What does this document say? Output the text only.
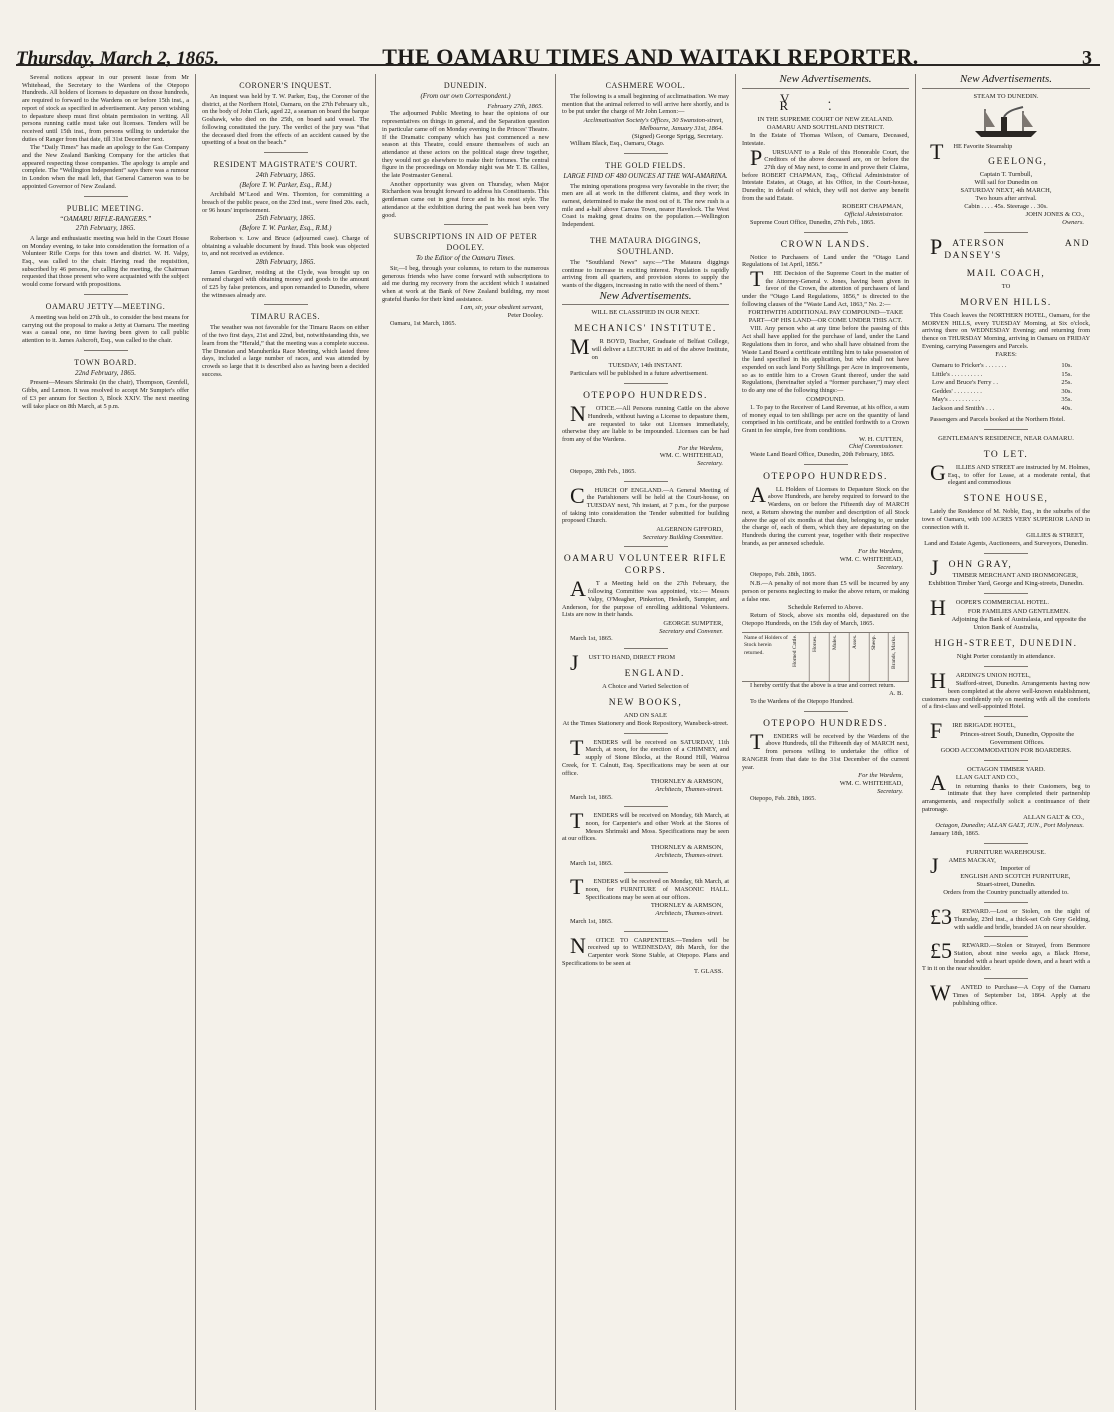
Thursday, March 2, 1865.	THE OAMARU TIMES AND WAITAKI REPORTER.	3

Several notices appear in our present issue from Mr Whitehead, the Secretary to the Wardens of the Otepopo Hundreds. All holders of licenses to depasture on those hundreds, are required to forward to the Wardens on or before 15th inst., a report of stock as specified in advertisement. Any person wishing to depasture sheep must first obtain permission in writing. All persons running cattle must take out licenses. Tenders will be received until 15th inst., from persons willing to undertake the duties of Ranger from that date, till 31st December next.

The “Daily Times” has made an apology to the Gas Company and the New Zealand Banking Company for the articles that appeared respecting those companies. The apology is ample and complete. The “Wellington Independent” says there was a rumour in London when the mail left, that General Cameron was to be appointed Governor of New Zealand.

PUBLIC MEETING.
“OAMARU RIFLE-RANGERS.”
27th February, 1865.

A large and enthusiastic meeting was held in the Court House on Monday evening, to take into consideration the formation of a Volunteer Rifle Corps for this town and district. W. H. Valpy, Esq., was called to the chair. Having read the requisition, subscribed by 46 persons, for calling the meeting, the Chairman requested that those present who were acquainted with the subject would come forward with propositions.

OAMARU JETTY—MEETING.

A meeting was held on 27th ult., to consider the best means for carrying out the proposal to make a Jetty at Oamaru. The meeting was a casual one, no time having been given to call public attention to it. James Ashcroft, Esq., was called to the chair.

TOWN BOARD.
22nd February, 1865.

Present—Messrs Shrimski (in the chair), Thompson, Grenfell, Gibbs, and Lemon. It was resolved to accept Mr Sumpter's offer of £3 per annum for Section 3, Block XXIV. The next meeting will take place on 8th March, at 5 p.m.

CORONER'S INQUEST.

An inquest was held by T. W. Parker, Esq., the Coroner of the district, at the Northern Hotel, Oamaru, on the 27th February ult., on the body of John Clark, aged 22, a seaman on board the barque Goshawk, who died on the 25th, on board said vessel. The following constituted the jury. The verdict of the jury was “that the deceased died from the effects of an accident caused by the upsetting of a boat on the beach.”

RESIDENT MAGISTRATE'S COURT.
24th February, 1865.
(Before T. W. Parker, Esq., R.M.)

Archibald M‘Leod and Wm. Thornton, for committing a breach of the public peace, on the 23rd inst., were fined 20s. each, or 96 hours' imprisonment.

25th February, 1865.
(Before T. W. Parker, Esq., R.M.)

Robertson v. Low and Bruce (adjourned case). Charge of obtaining a valuable document by fraud. This book was objected to, and not received as evidence.

28th February, 1865.

James Gardiner, residing at the Clyde, was brought up on remand charged with obtaining money and goods to the amount of £25 by false pretences, and upon remanded to Dunedin, where the witnesses already are.

TIMARU RACES.

The weather was not favorable for the Timaru Races on either of the two first days, 21st and 22nd, but, notwithstanding this, we learn from the “Herald,” that the meeting was a complete success. The Dunstan and Manuherikia Race Meeting, which lasted three days, included a large number of races, and was attended by crowds so large that it is described also as having been a decided success.

DUNEDIN.
(From our own Correspondent.)
February 27th, 1865.

The adjourned Public Meeting to hear the opinions of our representatives on things in general, and the Separation question in particular came off on Monday evening in the Princes' Theatre. If the Dramatic company which has just commenced a new season at this Theatre, could ensure themselves of such an attendance at these actors on the political stage drew together, they would not go elsewhere to make their fortunes. The central figure in the proceedings on Monday night was Mr T. B. Gillies, the late Postmaster General.

Another opportunity was given on Thursday, when Major Richardson was brought forward to address his Constituents. This gentleman came out in great force and in his most style. The attendance at the exhibition during the past week has been very good.

SUBSCRIPTIONS IN AID OF PETER DOOLEY.
To the Editor of the Oamaru Times.

Sir,—I beg, through your columns, to return to the numerous generous friends who have come forward with subscriptions to aid me during my recovery from the accident which I sustained when at work at the Bank of New Zealand building, my most grateful thanks for their kind assistance.

I am, sir, your obedient servant,
Peter Dooley.
Oamaru, 1st March, 1865.
CASHMERE WOOL.

The following is a small beginning of acclimatisation. We may mention that the animal referred to will arrive here shortly, and is to be put under the charge of Mr John Lemon:—

Acclimatisation Society's Offices, 30 Swanston-street, Melbourne, January 31st, 1864.
(Signed) George Sprigg, Secretary.
William Black, Esq., Oamaru, Otago.
THE GOLD FIELDS.
LARGE FIND OF 480 OUNCES AT THE WAI-AMARINA.

The mining operations progress very favorable in the river; the men are all at work in the different claims, and they work in earnest, determined to make the most out of it. The new rush is a mile and a-half above Canvas Town, nearer Havelock. The West Coast is making great drains on the population.—Wellington Independent.

THE MATAURA DIGGINGS, SOUTHLAND.

The “Southland News” says:—“The Mataura diggings continue to increase in exciting interest. Population is rapidly arriving from all quarters, and provision stores to supply the wants of the diggers, increasing in ratio with the need of them.”

New Advertisements.
WILL BE CLASSIFIED IN OUR NEXT.
MECHANICS' INSTITUTE.

M R BOYD, Teacher, Graduate of Belfast College, will deliver a LECTURE in aid of the above Institute, on

TUESDAY, 14th INSTANT.
Particulars will be published in a future advertisement.
OTEPOPO HUNDREDS.

N OTICE.—All Persons running Cattle on the above Hundreds, without having a License to depasture them, are requested to take out Licenses immediately, otherwise they are liable to be impounded. Licenses can be had from any of the Wardens.

For the Wardens,
WM. C. WHITEHEAD,
Secretary.
Otepopo, 28th Feb., 1865.

C HURCH OF ENGLAND.—A General Meeting of the Parishioners will be held at the Court-house, on TUESDAY next, 7th instant, at 7 p.m., for the purpose of taking into consideration the Tender submitted for building proposed Church.

ALGERNON GIFFORD,
Secretary Building Committee.
OAMARU VOLUNTEER RIFLE CORPS.

A T a Meeting held on the 27th February, the following Committee was appointed, viz.:— Messrs Valpy, O'Meagher, Pinkerton, Hesketh, Sumpter, and Anderson, for the purpose of enrolling additional Volunteers. Lists are now in their hands.

GEORGE SUMPTER,
Secretary and Convener.
March 1st, 1865.

J UST TO HAND, DIRECT FROM

ENGLAND.
A Choice and Varied Selection of
NEW BOOKS,
AND ON SALE
At the Times Stationery and Book Repository, Wansbeck-street.

T ENDERS will be received on SATURDAY, 11th March, at noon, for the erection of a CHIMNEY, and supply of Stone Blocks, at the Round Hill, Wairoa Creek, for T. Calnutt, Esq. Specifications may be seen at our office.

THORNLEY & ARMSON,
Architects, Thames-street.
March 1st, 1865.

T ENDERS will be received on Monday, 6th March, at noon, for Carpenter's and other Work at the Stores of Messrs Shrimski and Moss. Specifications may be seen at our offices.

THORNLEY & ARMSON,
Architects, Thames-street.
March 1st, 1865.

T ENDERS will be received on Monday, 6th March, at noon, for FURNITURE of MASONIC HALL. Specifications may be seen at our offices.

THORNLEY & ARMSON,
Architects, Thames-street.
March 1st, 1865.

N OTICE TO CARPENTERS.—Tenders will be received up to WEDNESDAY, 8th March, for the Carpenter work Stone Stable, at Otepopo. Plans and Specifications to be seen at

T. GLASS.
New Advertisements.
V. R.
IN THE SUPREME COURT OF NEW ZEALAND.
OAMARU AND SOUTHLAND DISTRICT.

In the Estate of Thomas Wilson, of Oamaru, Deceased, Intestate.

P URSUANT to a Rule of this Honorable Court, the Creditors of the above deceased are, on or before the 27th day of May next, to come in and prove their Claims, before ROBERT CHAPMAN, Esq., Official Administrator of Intestate Estates, at Otago, at his Office, in the Court-house, Dunedin; in default of which, they will not derive any benefit from the said Estate.

ROBERT CHAPMAN,
Official Administrator.
Supreme Court Office, Dunedin, 27th Feb., 1865.
CROWN LANDS.

Notice to Purchasers of Land under the “Otago Land Regulations of 1st April, 1856.”

T HE Decision of the Supreme Court in the matter of the Attorney-General v. Jones, having been given in favor of the Crown, the attention of purchasers of land under the “Otago Land Regulations, 1856,” is directed to the following clauses of the “Waste Land Act, 1863,” No. 2:—

FORTHWITH ADDITIONAL PAY COMPOUND—TAKE PART—OF HIS LAND—OR COME UNDER THIS ACT.

VIII. Any person who at any time before the passing of this Act shall have applied for the purchase of land, under the Land Regulations then in force, and who shall have obtained from the Waste Land Board a certificate entitling him to take possession of the land specified in his application, but who shall not have expended on such land Forty Shillings per Acre in improvements, so as to entitle him to a Crown Grant thereof, under the said Regulations, (hereinafter styled a “former purchaser,”) may elect to do any one of the following things:—

COMPOUND.

1. To pay to the Receiver of Land Revenue, at his office, a sum of money equal to ten shillings per acre on the quantity of land comprised in his certificate, and be entitled forthwith to a Crown Grant in fee simple, free from conditions.

W. H. CUTTEN,
Chief Commissioner.
Waste Land Board Office, Dunedin, 20th February, 1865.
OTEPOPO HUNDREDS.

A LL Holders of Licenses to Depasture Stock on the above Hundreds, are hereby required to forward to the Wardens, on or before the Fifteenth day of MARCH next, a Return showing the number and description of all Stock above the age of six months at that date, belonging to, or under the charge of, each of them, which they are depasturing on the Hundreds during the current year, together with their respective brands, as per annexed schedule.

For the Wardens,
WM. C. WHITEHEAD,
Secretary.
Otepopo, Feb. 28th, 1865.

N.B.—A penalty of not more than £5 will be incurred by any person or persons neglecting to make the above return, or making a false one.

Schedule Referred to Above.

Return of Stock, above six months old, depastured on the Otepopo Hundreds, on the 15th day of March, 1865.

Name of Holders of Stock herein returned.	Horned Cattle.	Horses.	Mules.	Asses.	Sheep.	Brands, Marks.

I hereby certify that the above is a true and correct return.

A. B.
To the Wardens of the Otepopo Hundred.
OTEPOPO HUNDREDS.

T ENDERS will be received by the Wardens of the above Hundreds, till the Fifteenth day of MARCH next, from persons willing to undertake the office of RANGER from that date to the 31st December of the current year.

For the Wardens,
WM. C. WHITEHEAD,
Secretary.
Otepopo, Feb. 28th, 1865.
New Advertisements.
STEAM TO DUNEDIN.

T HE Favorite Steamship

GEELONG,
Captain T. Turnbull,
Will sail for Dunedin on
SATURDAY NEXT, 4th MARCH,
Two hours after arrival.
Cabin . . . . 45s. Steerage . . 30s.
JOHN JONES & CO.,
Owners.

P ATERSON AND DANSEY'S

MAIL COACH,
TO
MORVEN HILLS.

This Coach leaves the NORTHERN HOTEL, Oamaru, for the MORVEN HILLS, every TUESDAY Morning, at Six o'clock, arriving there on WEDNESDAY Evening; and returning from thence on THURSDAY Morning, arriving in Oamaru on FRIDAY Evening, carrying Passengers and Parcels.

FARES:
Oamaru to Fricker's . . . . . . .	10s.
Little's . . . . . . . . . .	15s.
Low and Bruce's Ferry . .	25s.
Geddes' . . . . . . . . .	30s.
May's . . . . . . . . . .	35s.
Jackson and Smith's . . .	40s.

Passengers and Parcels booked at the Northern Hotel.

GENTLEMAN'S RESIDENCE, NEAR OAMARU.
TO LET.

G ILLIES AND STREET are instructed by M. Holmes, Esq., to offer for Lease, at a moderate rental, that elegant and commodious

STONE HOUSE,

Lately the Residence of M. Noble, Esq., in the suburbs of the town of Oamaru, with 100 ACRES VERY SUPERIOR LAND in connection with it.

GILLIES & STREET,
Land and Estate Agents, Auctioneers, and Surveyors, Dunedin.

J OHN GRAY,

TIMBER MERCHANT AND IRONMONGER, Exhibition Timber Yard, George and King-streets, Dunedin.

H OOPER'S COMMERCIAL HOTEL.

FOR FAMILIES AND GENTLEMEN.
Adjoining the Bank of Australasia, and opposite the Union Bank of Australia,
HIGH-STREET, DUNEDIN.
Night Porter constantly in attendance.

H ARDING'S UNION HOTEL,

Stafford-street, Dunedin. Arrangements having now been completed at the above well-known establishment, customers may confidently rely on meeting with all the comforts of a first-class and well-appointed Hotel.

F IRE BRIGADE HOTEL,

Princes-street South, Dunedin, Opposite the Government Offices.
GOOD ACCOMMODATION FOR BOARDERS.
OCTAGON TIMBER YARD.

A LLAN GALT AND CO.,

in returning thanks to their Customers, beg to intimate that they have completed their partnership arrangements, and respectfully solicit a continuance of their patronage.

ALLAN GALT & CO.,
Octagon, Dunedin; ALLAN GALT, JUN., Port Molyneux.
January 18th, 1865.
FURNITURE WAREHOUSE.

J AMES MACKAY,

Importer of
ENGLISH AND SCOTCH FURNITURE,
Stuart-street, Dunedin.
Orders from the Country punctually attended to.

£3 REWARD.—Lost or Stolen, on the night of Thursday, 23rd inst., a thick-set Cob Grey Gelding, with saddle and bridle, branded JA on near shoulder.

£5 REWARD.—Stolen or Strayed, from Benmore Station, about nine weeks ago, a Black Horse, branded with a heart upside down, and a heart with a T in it on the near shoulder.

W ANTED to Purchase—A Copy of the Oamaru Times of September 1st, 1864. Apply at the publishing office.
